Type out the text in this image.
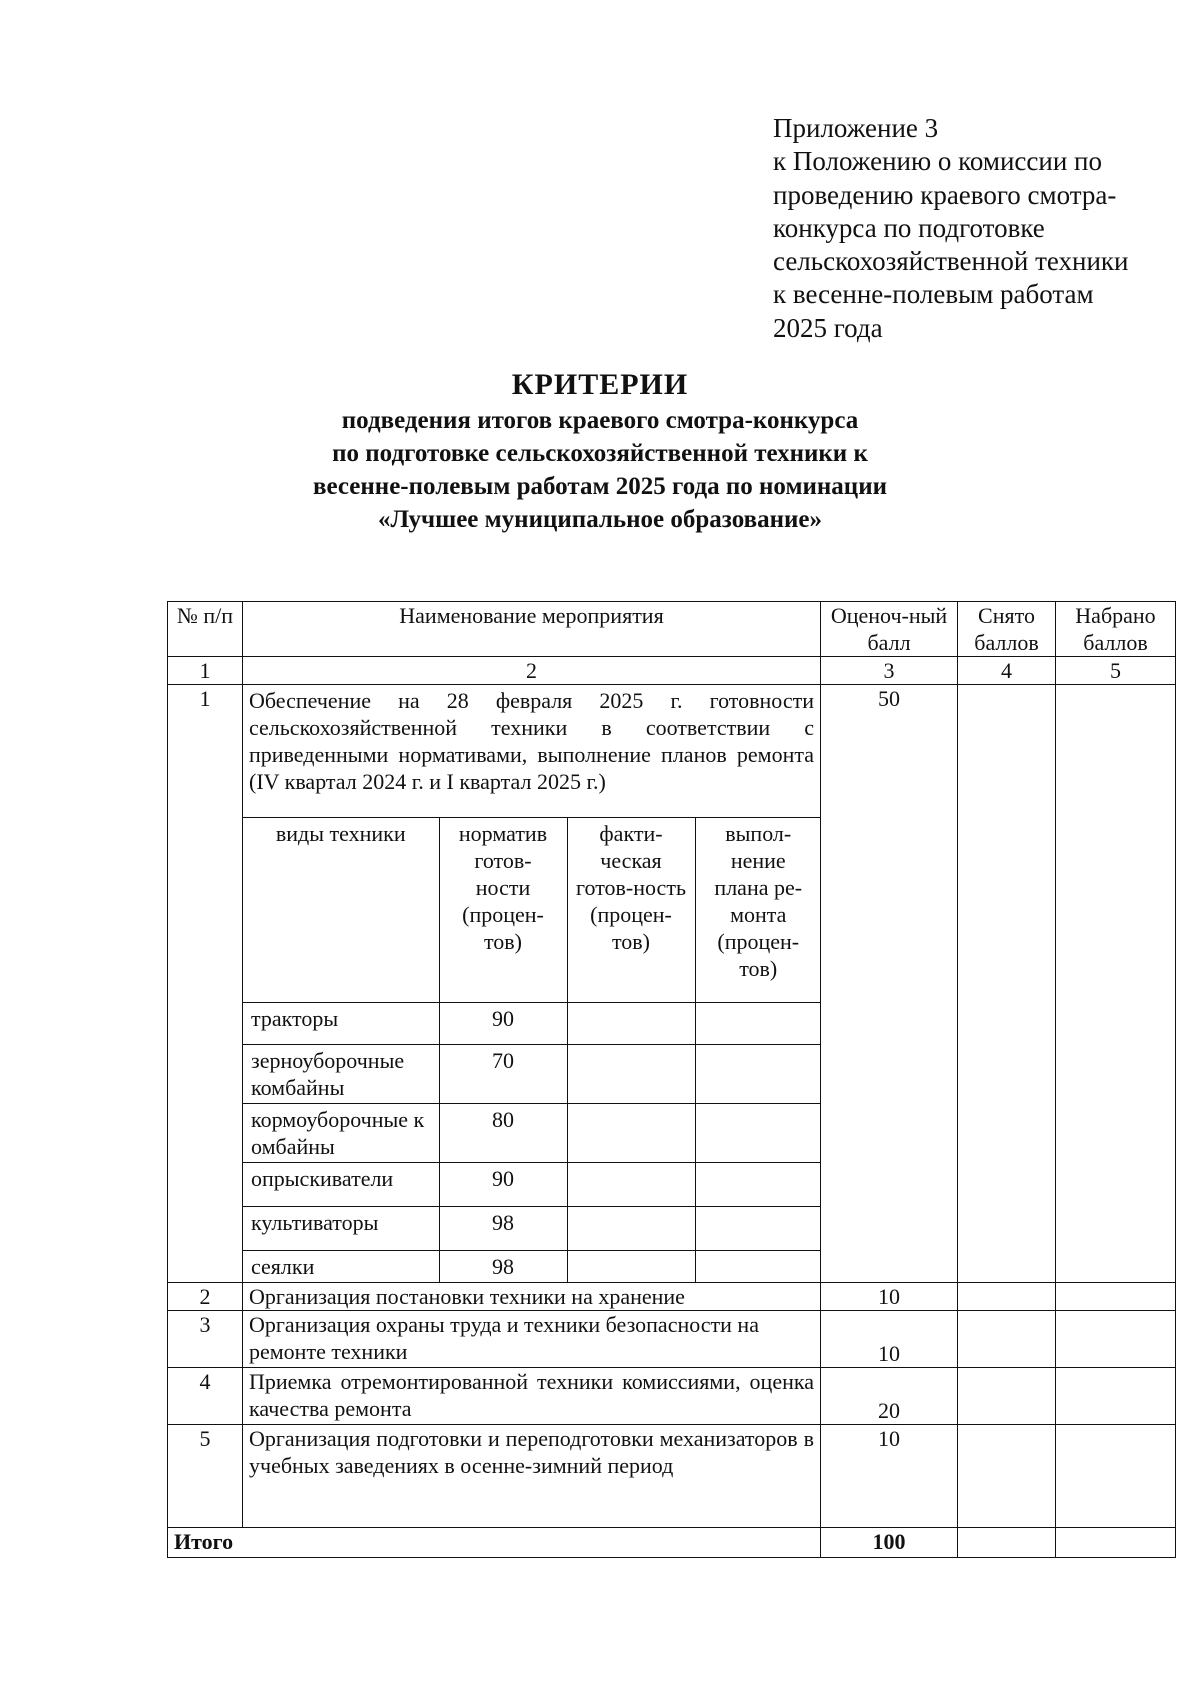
Приложение 3
к Положению о комиссии по
проведению краевого смотра-
конкурса по подготовке
сельскохозяйственной техники
к весенне-полевым работам
2025 года
КРИТЕРИИ
подведения итогов краевого смотра-конкурса
по подготовке сельскохозяйственной техники к
весенне-полевым работам 2025 года по номинации
«Лучшее муниципальное образование»
№ п/п	Наименование мероприятия	Оценоч-ный балл	Снято баллов	Набрано баллов
1	2	3	4	5
1	Обеспечение на 28 февраля 2025 г. готовности сельскохозяйственной техники в соответствии с приведенными нормативами, выполнение планов ремонта (IV квартал 2024 г. и I квартал 2025 г.)	50		

виды техники	норматив готов-ности (процен-тов)	факти-ческая готов-ность (процен-тов)	выпол-нение плана ре-монта (процен-тов)
тракторы	90		
зерноуборочные комбайны	70		
кормоуборочные комбайны	80		
опрыскиватели	90		
культиваторы	98		
сеялки	98		

2	Организация постановки техники на хранение	10		
3	Организация охраны труда и техники безопасности на ремонте техники	10		
4	Приемка отремонтированной техники комиссиями, оценка качества ремонта	20		
5	Организация подготовки и переподготовки механизаторов в учебных заведениях в осенне-зимний период	10		
Итого	100		
